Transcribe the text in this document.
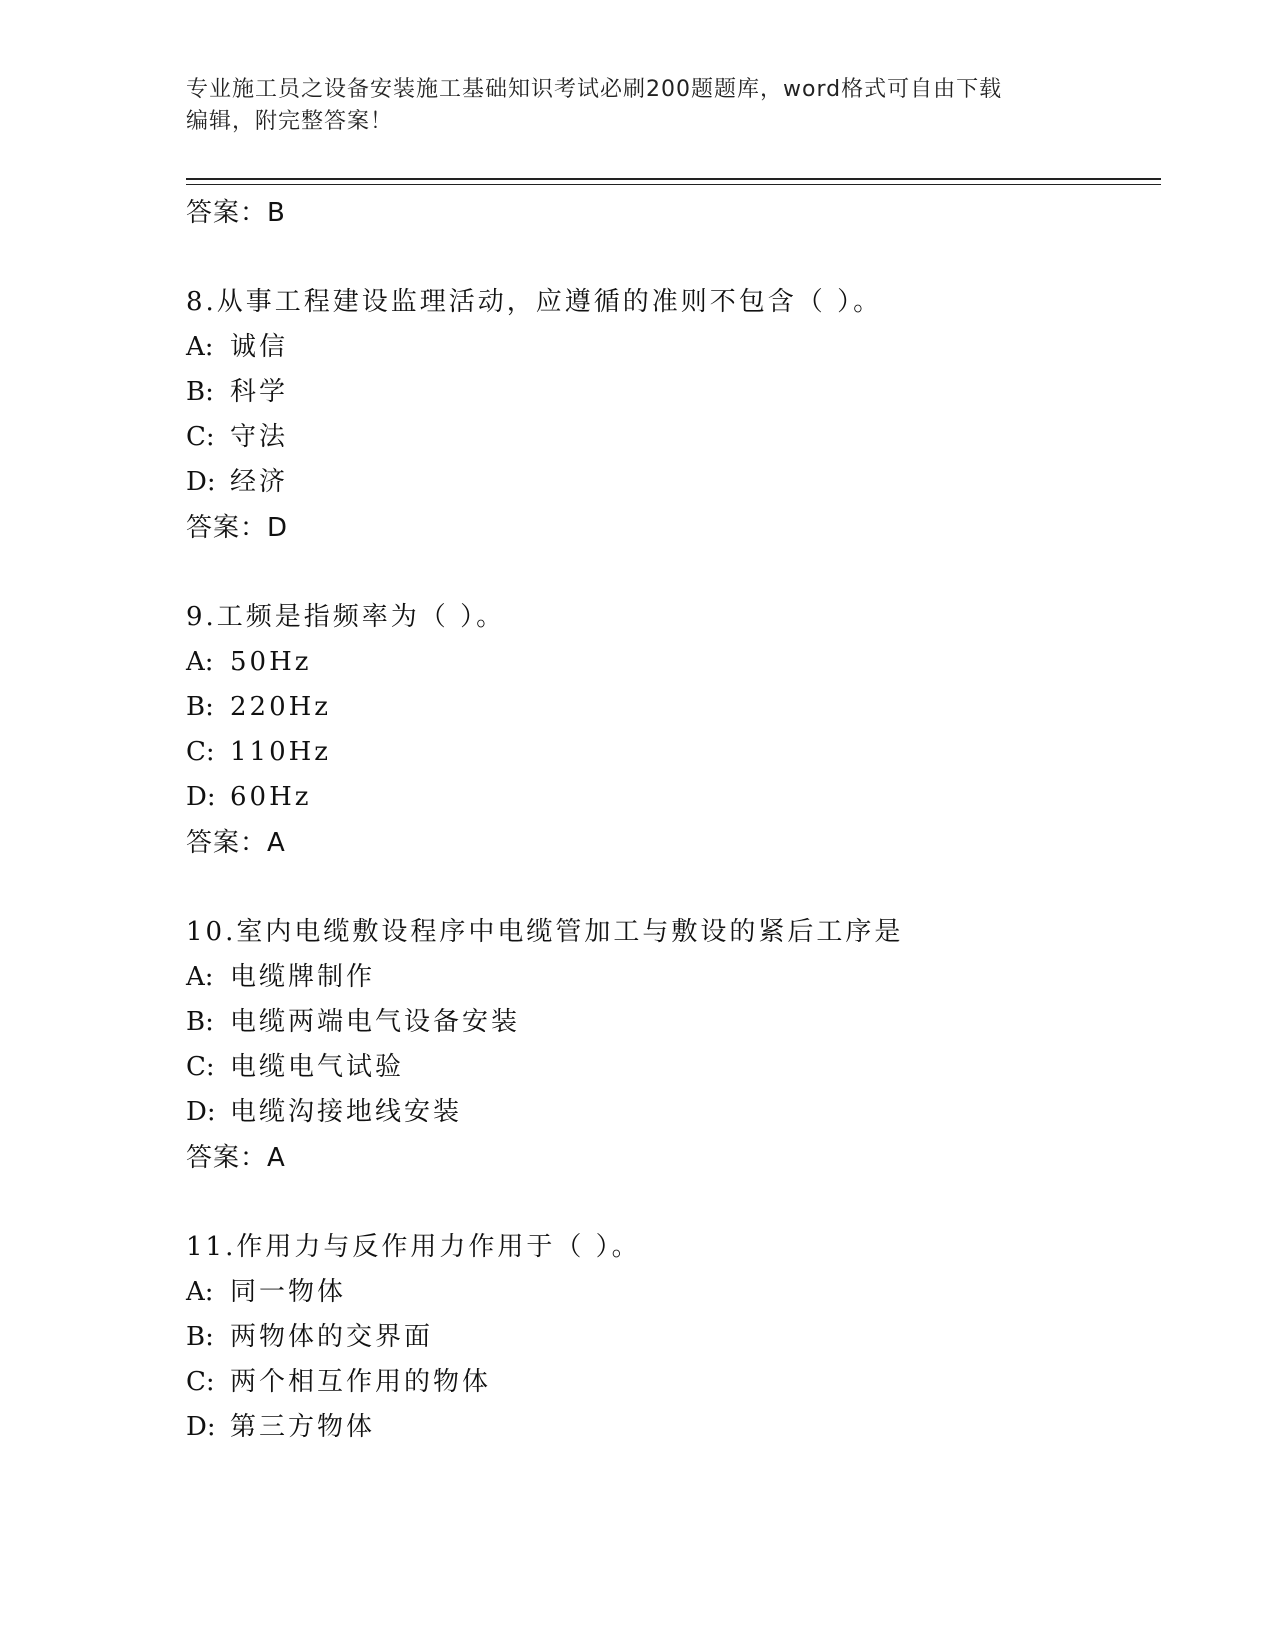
专业施工员之设备安装施工基础知识考试必刷200题题库，word格式可自由下载
编辑，附完整答案！
答案：B
8.从事工程建设监理活动，应遵循的准则不包含（ ）。
A: 诚信
B: 科学
C: 守法
D: 经济
答案：D
9.工频是指频率为（ ）。
A: 50Hz
B: 220Hz
C: 110Hz
D: 60Hz
答案：A
10.室内电缆敷设程序中电缆管加工与敷设的紧后工序是
A: 电缆牌制作
B: 电缆两端电气设备安装
C: 电缆电气试验
D: 电缆沟接地线安装
答案：A
11.作用力与反作用力作用于（ ）。
A: 同一物体
B: 两物体的交界面
C: 两个相互作用的物体
D: 第三方物体
